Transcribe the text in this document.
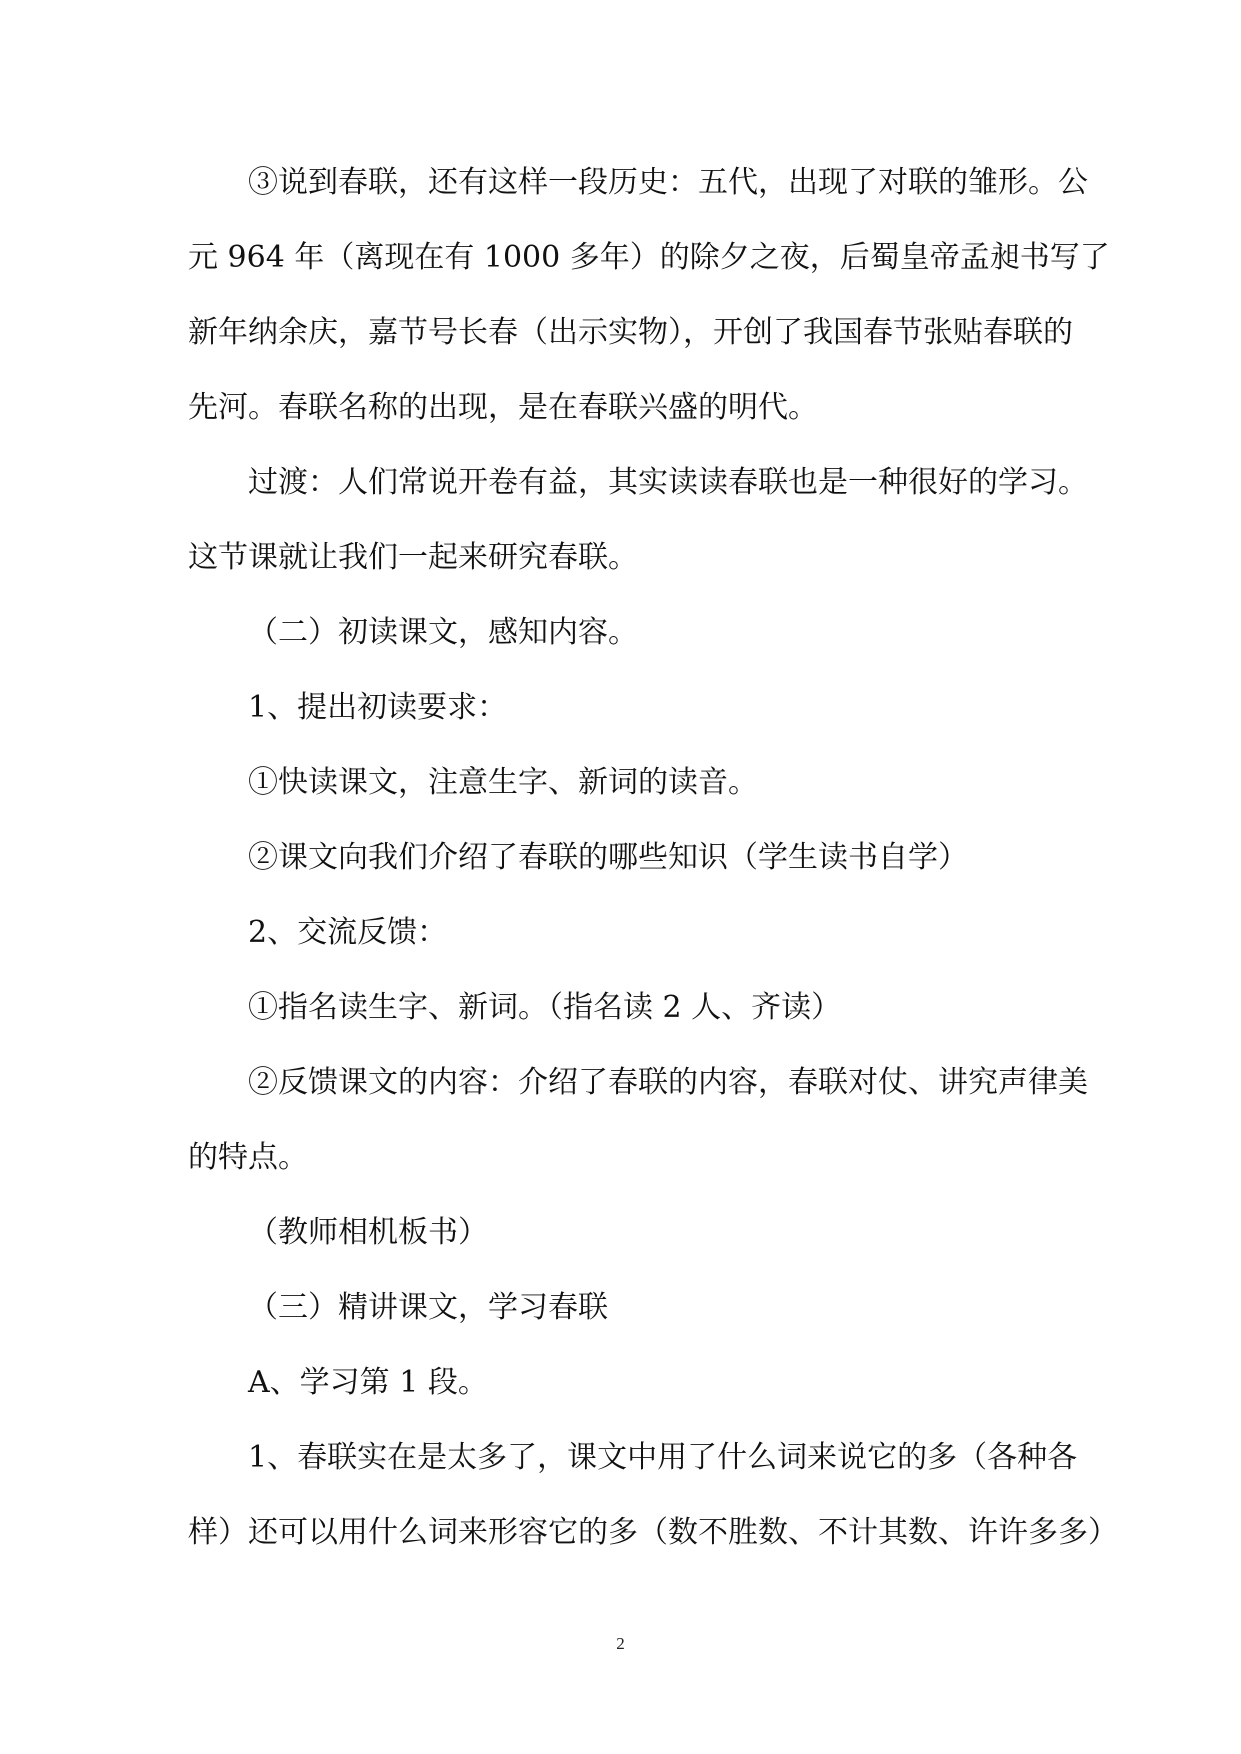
③说到春联，还有这样一段历史：五代，出现了对联的雏形。公
元 964 年（离现在有 1000 多年）的除夕之夜，后蜀皇帝孟昶书写了
新年纳余庆，嘉节号长春（出示实物），开创了我国春节张贴春联的
先河。春联名称的出现，是在春联兴盛的明代。

过渡：人们常说开卷有益，其实读读春联也是一种很好的学习。
这节课就让我们一起来研究春联。

（二）初读课文，感知内容。

1、提出初读要求：

①快读课文，注意生字、新词的读音。

②课文向我们介绍了春联的哪些知识（学生读书自学）

2、交流反馈：

①指名读生字、新词。（指名读 2 人、齐读）

②反馈课文的内容：介绍了春联的内容，春联对仗、讲究声律美
的特点。

（教师相机板书）

（三）精讲课文，学习春联

A、学习第 1 段。

1、春联实在是太多了，课文中用了什么词来说它的多（各种各
样）还可以用什么词来形容它的多（数不胜数、不计其数、许许多多）

2
